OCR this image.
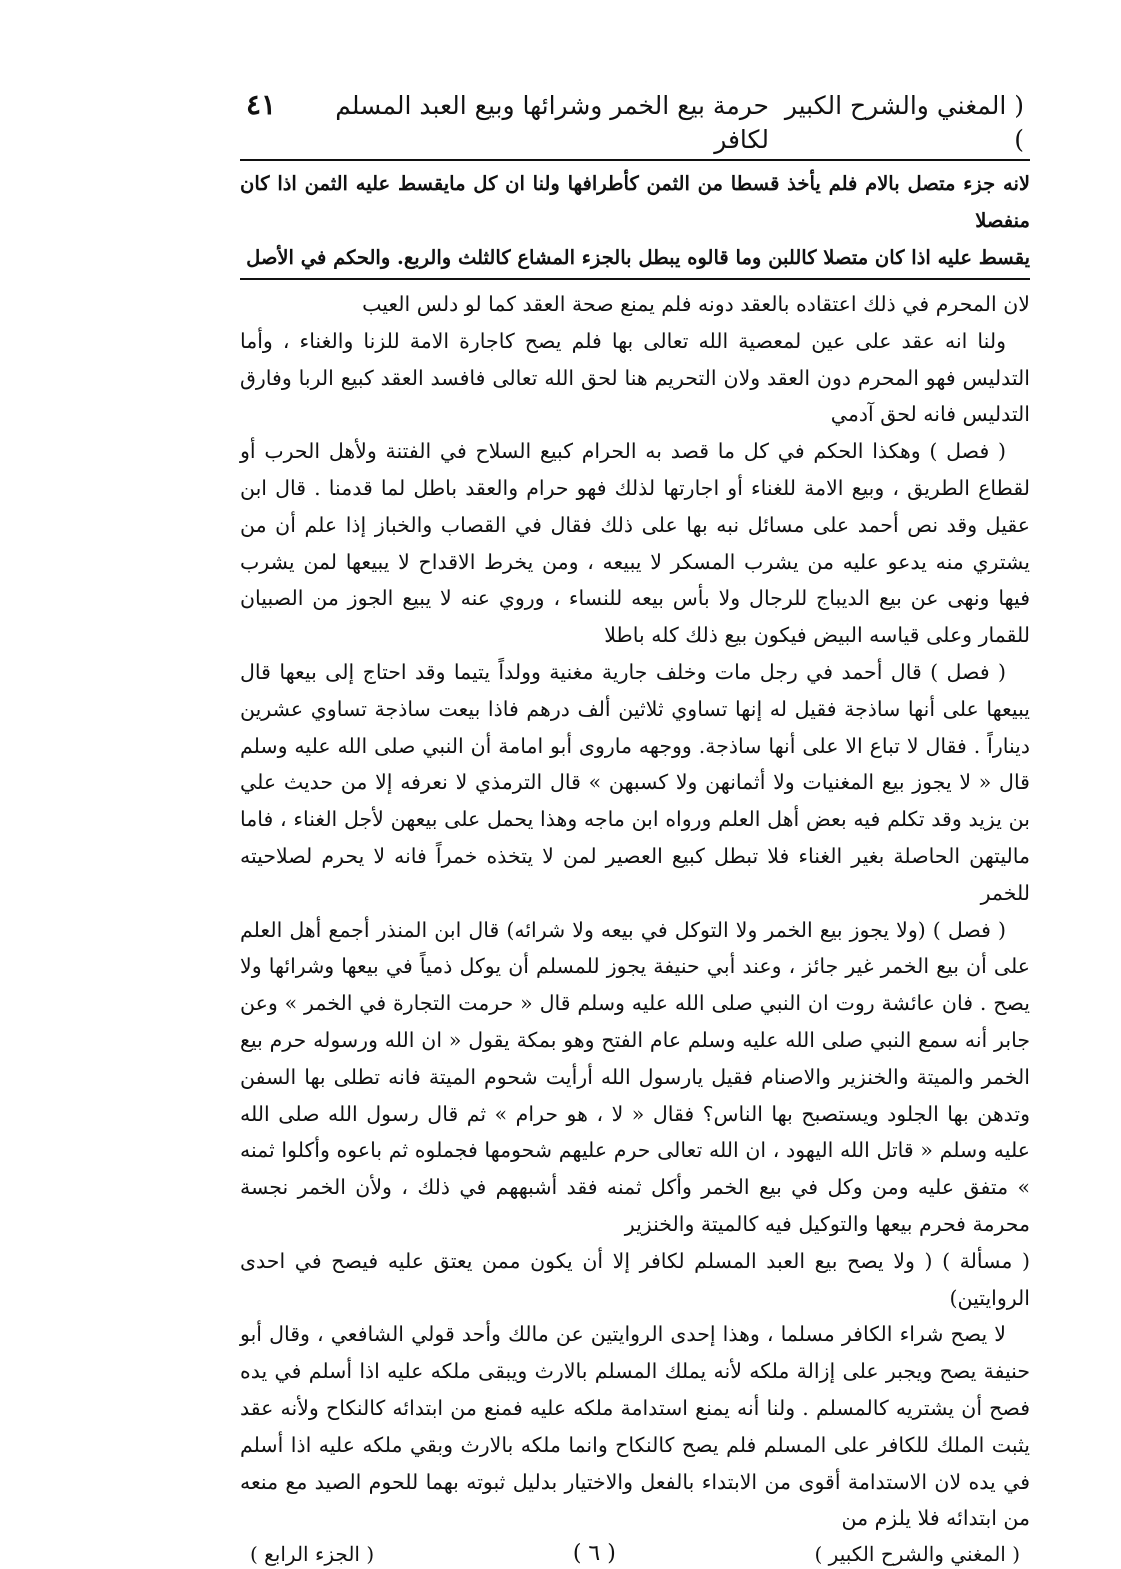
( المغني والشرح الكبير )
حرمة بيع الخمر وشرائها وبيع العبد المسلم لكافر
٤١
لانه جزء متصل بالام فلم يأخذ قسطا من الثمن كأطرافها ولنا ان كل مايقسط عليه الثمن اذا كان منفصلا
يقسط عليه اذا كان متصلا كاللبن وما قالوه يبطل بالجزء المشاع كالثلث والربع. والحكم في الأصل

لان المحرم في ذلك اعتقاده بالعقد دونه فلم يمنع صحة العقد كما لو دلس العيب

ولنا انه عقد على عين لمعصية الله تعالى بها فلم يصح كاجارة الامة للزنا والغناء ، وأما التدليس فهو المحرم دون العقد ولان التحريم هنا لحق الله تعالى فافسد العقد كبيع الربا وفارق التدليس فانه لحق آدمي

( فصل ) وهكذا الحكم في كل ما قصد به الحرام كبيع السلاح في الفتنة ولأهل الحرب أو لقطاع الطريق ، وبيع الامة للغناء أو اجارتها لذلك فهو حرام والعقد باطل لما قدمنا . قال ابن عقيل وقد نص أحمد على مسائل نبه بها على ذلك فقال في القصاب والخباز إذا علم أن من يشتري منه يدعو عليه من يشرب المسكر لا يبيعه ، ومن يخرط الاقداح لا يبيعها لمن يشرب فيها ونهى عن بيع الديباج للرجال ولا بأس بيعه للنساء ، وروي عنه لا يبيع الجوز من الصبيان للقمار وعلى قياسه البيض فيكون بيع ذلك كله باطلا

( فصل ) قال أحمد في رجل مات وخلف جارية مغنية وولداً يتيما وقد احتاج إلى بيعها قال يبيعها على أنها ساذجة فقيل له إنها تساوي ثلاثين ألف درهم فاذا بيعت ساذجة تساوي عشرين ديناراً . فقال لا تباع الا على أنها ساذجة. ووجهه ماروى أبو امامة أن النبي صلى الله عليه وسلم قال « لا يجوز بيع المغنيات ولا أثمانهن ولا كسبهن » قال الترمذي لا نعرفه إلا من حديث علي بن يزيد وقد تكلم فيه بعض أهل العلم ورواه ابن ماجه وهذا يحمل على بيعهن لأجل الغناء ، فاما ماليتهن الحاصلة بغير الغناء فلا تبطل كبيع العصير لمن لا يتخذه خمراً فانه لا يحرم لصلاحيته للخمر

( فصل ) (ولا يجوز بيع الخمر ولا التوكل في بيعه ولا شرائه) قال ابن المنذر أجمع أهل العلم على أن بيع الخمر غير جائز ، وعند أبي حنيفة يجوز للمسلم أن يوكل ذمياً في بيعها وشرائها ولا يصح . فان عائشة روت ان النبي صلى الله عليه وسلم قال « حرمت التجارة في الخمر » وعن جابر أنه سمع النبي صلى الله عليه وسلم عام الفتح وهو بمكة يقول « ان الله ورسوله حرم بيع الخمر والميتة والخنزير والاصنام فقيل يارسول الله أرأيت شحوم الميتة فانه تطلى بها السفن وتدهن بها الجلود ويستصبح بها الناس؟ فقال « لا ، هو حرام » ثم قال رسول الله صلى الله عليه وسلم « قاتل الله اليهود ، ان الله تعالى حرم عليهم شحومها فجملوه ثم باعوه وأكلوا ثمنه » متفق عليه ومن وكل في بيع الخمر وأكل ثمنه فقد أشبههم في ذلك ، ولأن الخمر نجسة محرمة فحرم بيعها والتوكيل فيه كالميتة والخنزير

( مسألة ) ( ولا يصح بيع العبد المسلم لكافر إلا أن يكون ممن يعتق عليه فيصح في احدى الروايتين)

لا يصح شراء الكافر مسلما ، وهذا إحدى الروايتين عن مالك وأحد قولي الشافعي ، وقال أبو حنيفة يصح ويجبر على إزالة ملكه لأنه يملك المسلم بالارث ويبقى ملكه عليه اذا أسلم في يده فصح أن يشتريه كالمسلم . ولنا أنه يمنع استدامة ملكه عليه فمنع من ابتدائه كالنكاح ولأنه عقد يثبت الملك للكافر على المسلم فلم يصح كالنكاح وانما ملكه بالارث وبقي ملكه عليه اذا أسلم في يده لان الاستدامة أقوى من الابتداء بالفعل والاختيار بدليل ثبوته بهما للحوم الصيد مع منعه من ابتدائه فلا يلزم من

( المغني والشرح الكبير )
( ٦ )
( الجزء الرابع )
